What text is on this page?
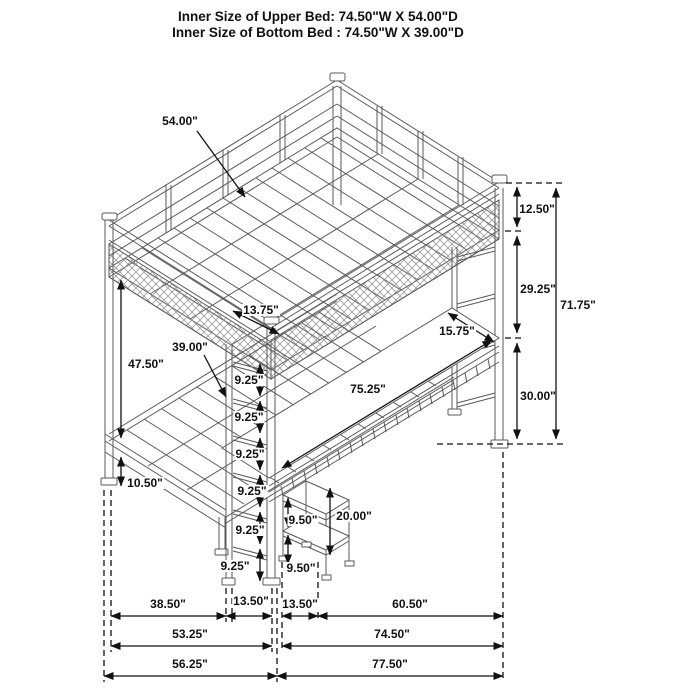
Inner Size of Upper Bed: 74.50"W X 54.00"D
Inner Size of Bottom Bed : 74.50"W X 39.00"D
54.00"
13.75"
39.00"
47.50"
10.50"
12.50"
29.25"
71.75"
30.00"
15.75"
75.25"
20.00"
9.25"
9.25"
9.25"
9.25"
9.25"
9.25"
9.50"
9.50"
38.50"	13.50" 13.50"	60.50"
53.25"	74.50"
56.25"	77.50"
